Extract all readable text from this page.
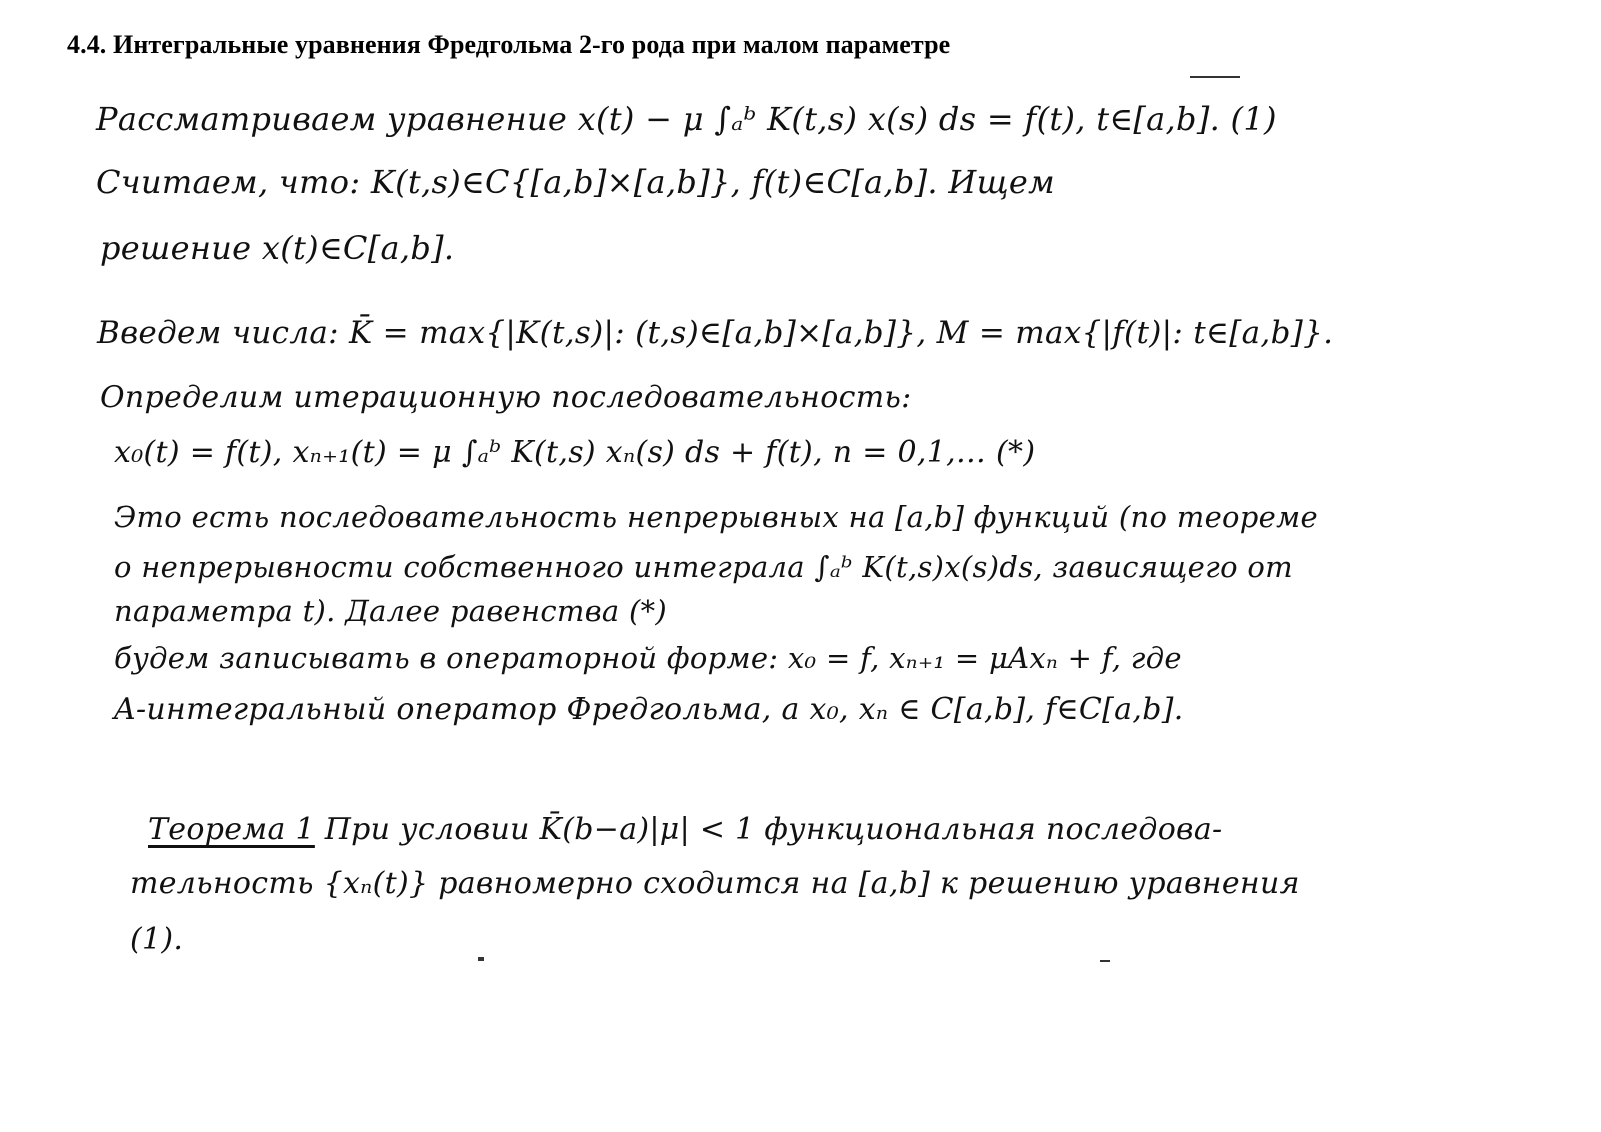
4.4. Интегральные уравнения Фредгольма 2-го рода при малом параметре
Рассматриваем уравнение x(t) − μ ∫ₐᵇ K(t,s) x(s) ds = f(t), t∈[a,b]. (1)
Считаем, что: K(t,s)∈C{[a,b]×[a,b]}, f(t)∈C[a,b]. Ищем
решение x(t)∈C[a,b].
Введем числа: K̄ = max{|K(t,s)|: (t,s)∈[a,b]×[a,b]}, M = max{|f(t)|: t∈[a,b]}.
Определим итерационную последовательность:
x₀(t) = f(t), xₙ₊₁(t) = μ ∫ₐᵇ K(t,s) xₙ(s) ds + f(t), n = 0,1,… (*)
Это есть последовательность непрерывных на [a,b] функций (по теореме
о непрерывности собственного интеграла ∫ₐᵇ K(t,s)x(s)ds, зависящего от
параметра t). Далее равенства (*)
будем записывать в операторной форме: x₀ = f, xₙ₊₁ = μAxₙ + f, где
A-интегральный оператор Фредгольма, а x₀, xₙ ∈ C[a,b], f∈C[a,b].
Теорема 1 При условии K̄(b−a)|μ| < 1 функциональная последова-
тельность {xₙ(t)} равномерно сходится на [a,b] к решению уравнения
(1).
